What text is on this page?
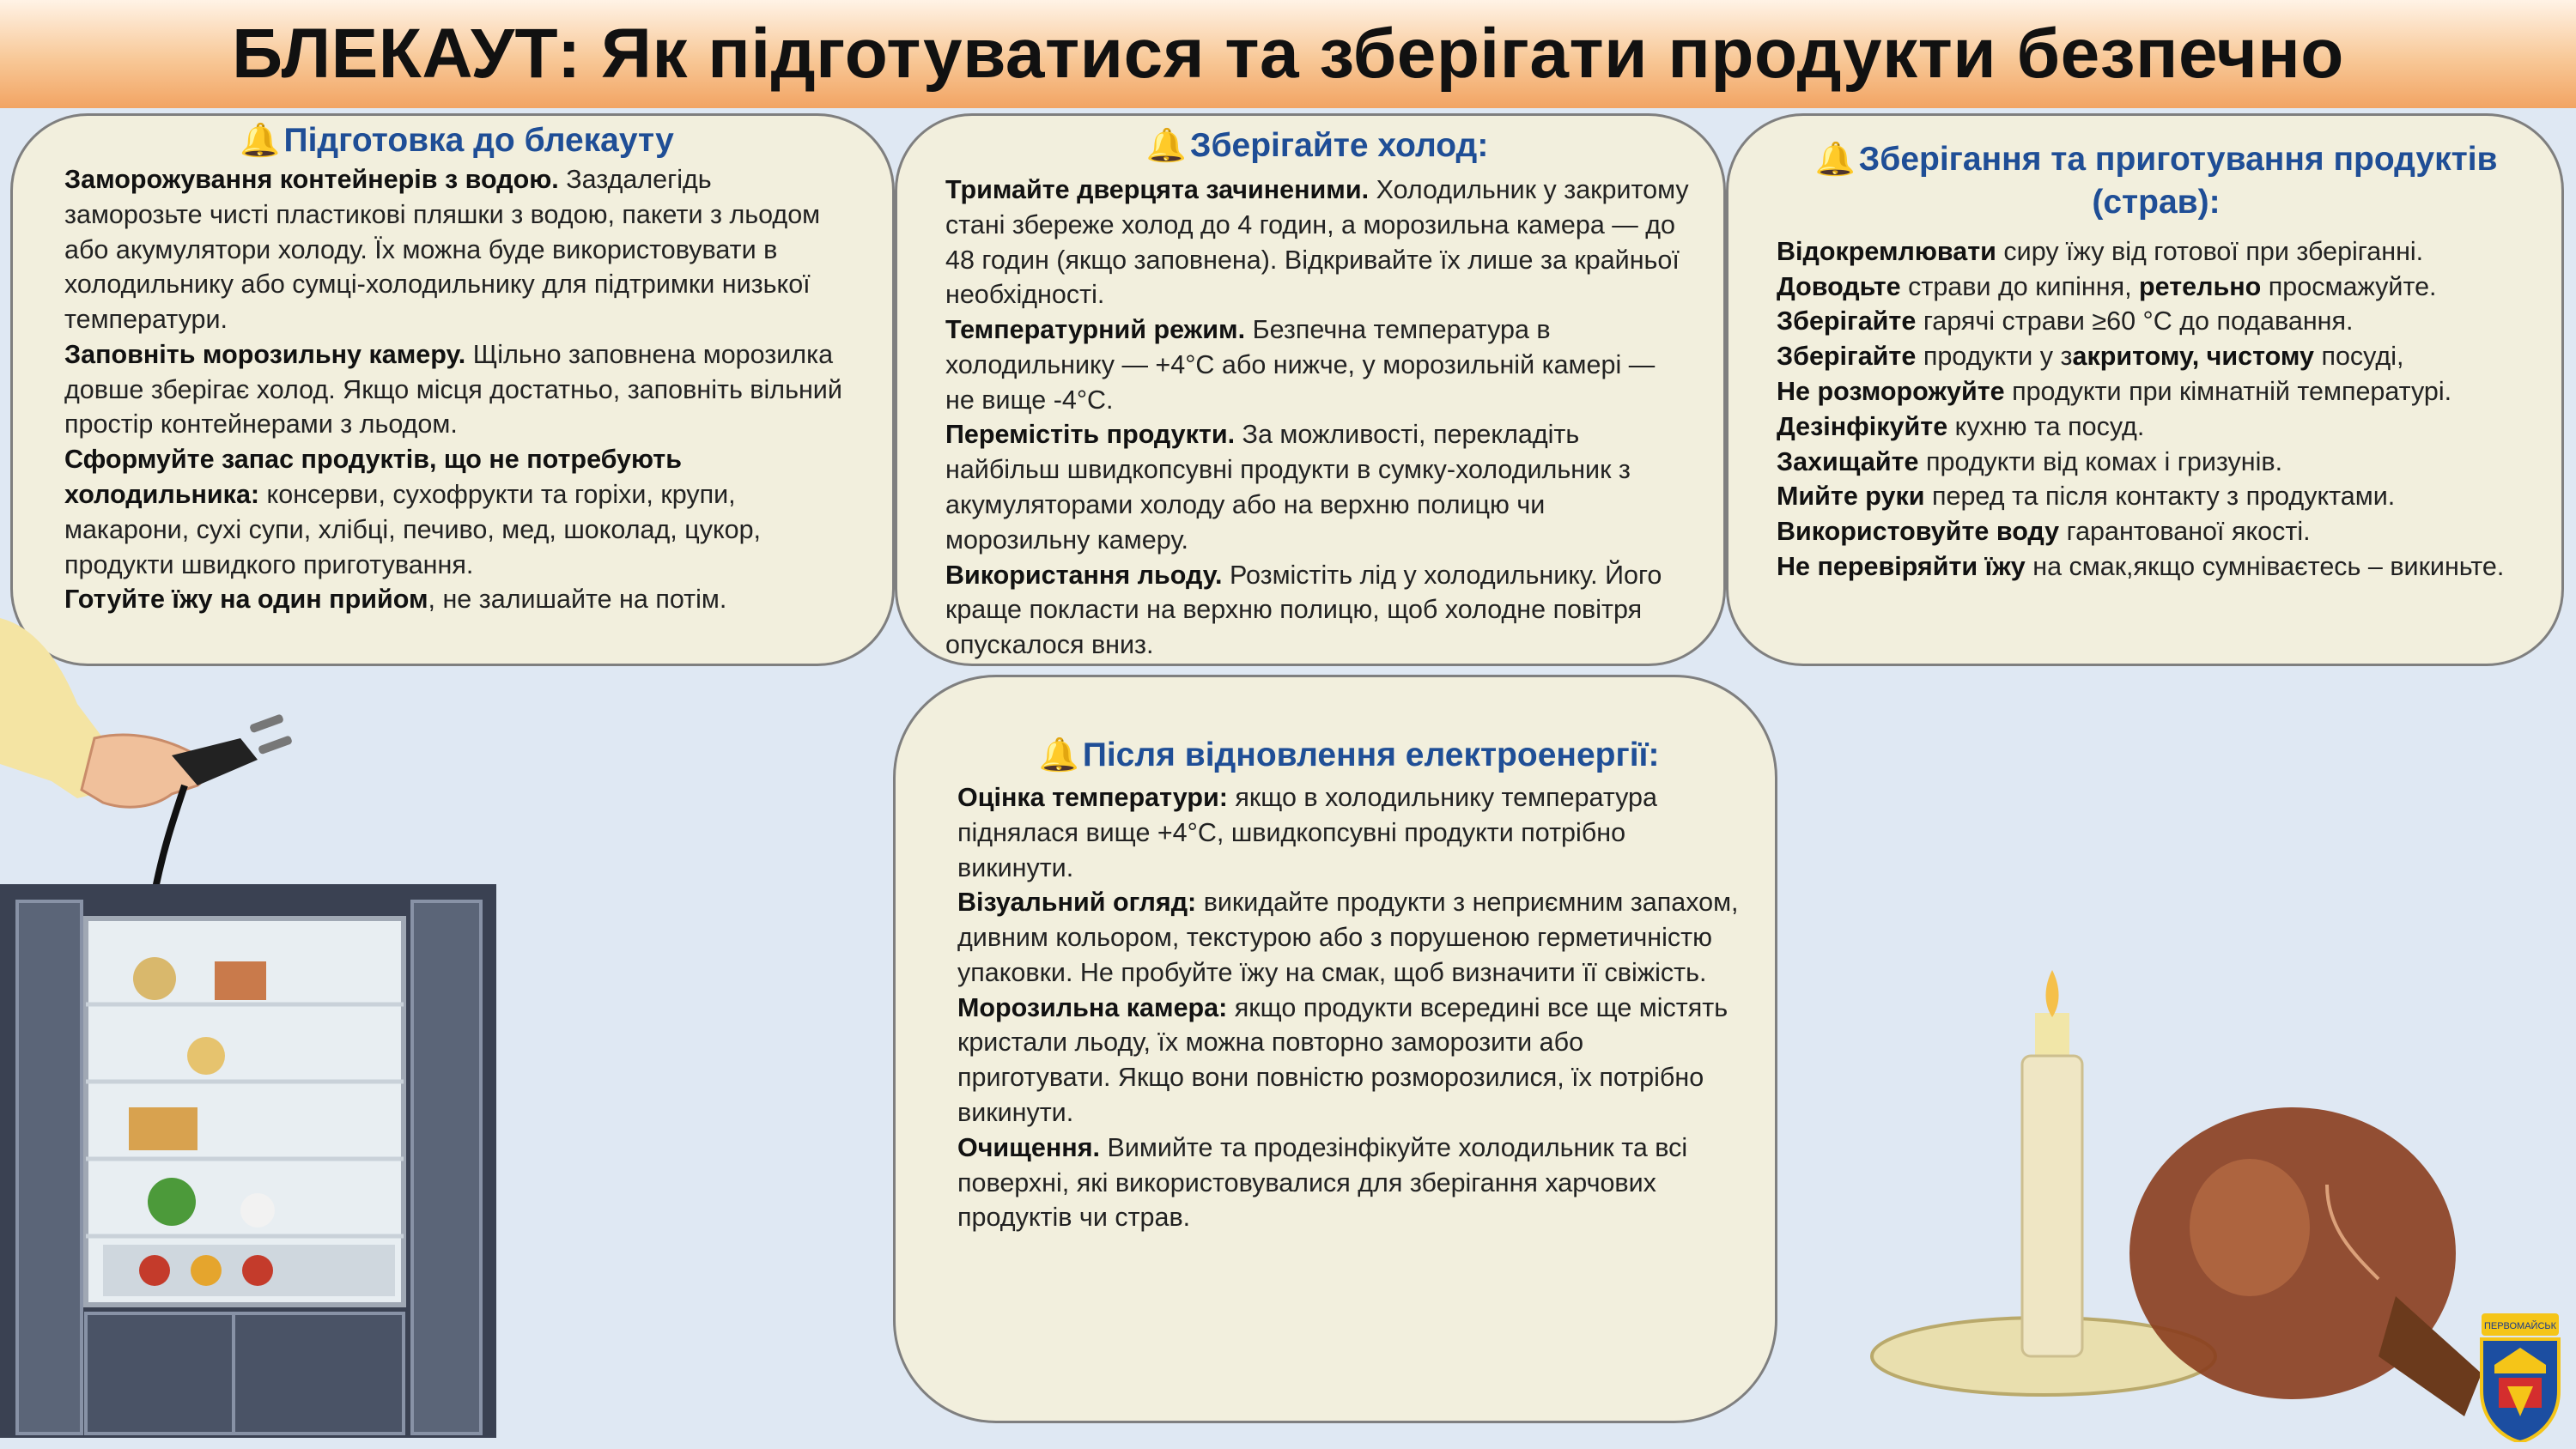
БЛЕКАУТ: Як підготуватися та зберігати продукти безпечно
🔔 Підготовка до блекауту

Заморожування контейнерів з водою. Заздалегідь заморозьте чисті пластикові пляшки з водою, пакети з льодом або акумулятори холоду. Їх можна буде використовувати в холодильнику або сумці-холодильнику для підтримки низької температури.

Заповніть морозильну камеру. Щільно заповнена морозилка довше зберігає холод. Якщо місця достатньо, заповніть вільний простір контейнерами з льодом.

Сформуйте запас продуктів, що не потребують холодильника: консерви, сухофрукти та горіхи, крупи, макарони, сухі супи, хлібці, печиво, мед, шоколад, цукор, продукти швидкого приготування.

Готуйте їжу на один прийом, не залишайте на потім.

🔔 Зберігайте холод:

Тримайте дверцята зачиненими. Холодильник у закритому стані збереже холод до 4 годин, а морозильна камера — до 48 годин (якщо заповнена). Відкривайте їх лише за крайньої необхідності.

Температурний режим. Безпечна температура в холодильнику — +4°С або нижче, у морозильній камері — не вище -4°С.

Перемістіть продукти. За можливості, перекладіть найбільш швидкопсувні продукти в сумку-холодильник з акумуляторами холоду або на верхню полицю чи морозильну камеру.

Використання льоду. Розмістіть лід у холодильнику. Його краще покласти на верхню полицю, щоб холодне повітря опускалося вниз.

🔔 Зберігання та приготування продуктів (страв):

Відокремлювати сиру їжу від готової при зберіганні.

Доводьте страви до кипіння, ретельно просмажуйте.

Зберігайте гарячі страви ≥60 °С до подавання.

Зберігайте продукти у закритому, чистому посуді,

Не розморожуйте продукти при кімнатній температурі.

Дезінфікуйте кухню та посуд.

Захищайте продукти від комах і гризунів.

Мийте руки перед та після контакту з продуктами.

Використовуйте воду гарантованої якості.

Не перевіряйти їжу на смак,якщо сумніваєтесь – викиньте.

🔔 Після відновлення електроенергії:

Оцінка температури: якщо в холодильнику температура піднялася вище +4°С, швидкопсувні продукти потрібно викинути.

Візуальний огляд: викидайте продукти з неприємним запахом, дивним кольором, текстурою або з порушеною герметичністю упаковки. Не пробуйте їжу на смак, щоб визначити її свіжість.

Морозильна камера: якщо продукти всередині все ще містять кристали льоду, їх можна повторно заморозити або приготувати. Якщо вони повністю розморозилися, їх потрібно викинути.

Очищення. Вимийте та продезінфікуйте холодильник та всі поверхні, які використовувалися для зберігання харчових продуктів чи страв.

ПЕРВОМАЙСЬК
